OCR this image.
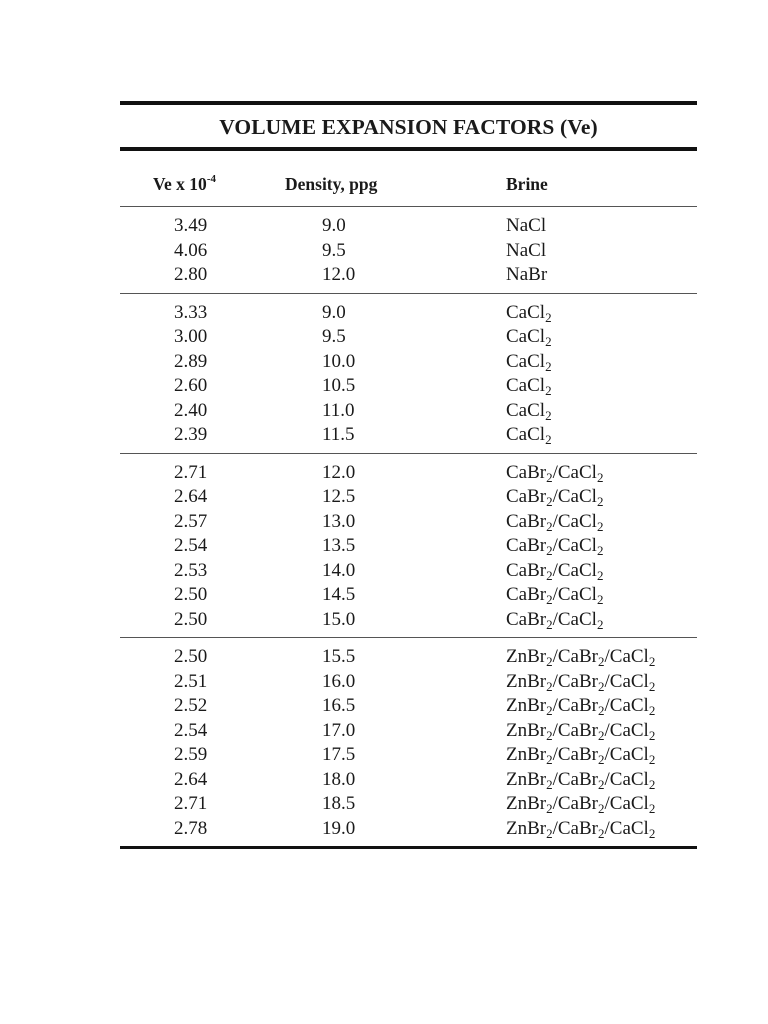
VOLUME EXPANSION FACTORS (Ve)
Ve x $10^{-4}$	Density, ppg	Brine
3.49	9.0	NaCl
4.06	9.5	NaCl
2.80	12.0	NaBr
3.33	9.0	CaCl$_2$
3.00	9.5	CaCl$_2$
2.89	10.0	CaCl$_2$
2.60	10.5	CaCl$_2$
2.40	11.0	CaCl$_2$
2.39	11.5	CaCl$_2$
2.71	12.0	CaBr$_2$/CaCl$_2$
2.64	12.5	CaBr$_2$/CaCl$_2$
2.57	13.0	CaBr$_2$/CaCl$_2$
2.54	13.5	CaBr$_2$/CaCl$_2$
2.53	14.0	CaBr$_2$/CaCl$_2$
2.50	14.5	CaBr$_2$/CaCl$_2$
2.50	15.0	CaBr$_2$/CaCl$_2$
2.50	15.5	ZnBr$_2$/CaBr$_2$/CaCl$_2$
2.51	16.0	ZnBr$_2$/CaBr$_2$/CaCl$_2$
2.52	16.5	ZnBr$_2$/CaBr$_2$/CaCl$_2$
2.54	17.0	ZnBr$_2$/CaBr$_2$/CaCl$_2$
2.59	17.5	ZnBr$_2$/CaBr$_2$/CaCl$_2$
2.64	18.0	ZnBr$_2$/CaBr$_2$/CaCl$_2$
2.71	18.5	ZnBr$_2$/CaBr$_2$/CaCl$_2$
2.78	19.0	ZnBr$_2$/CaBr$_2$/CaCl$_2$
